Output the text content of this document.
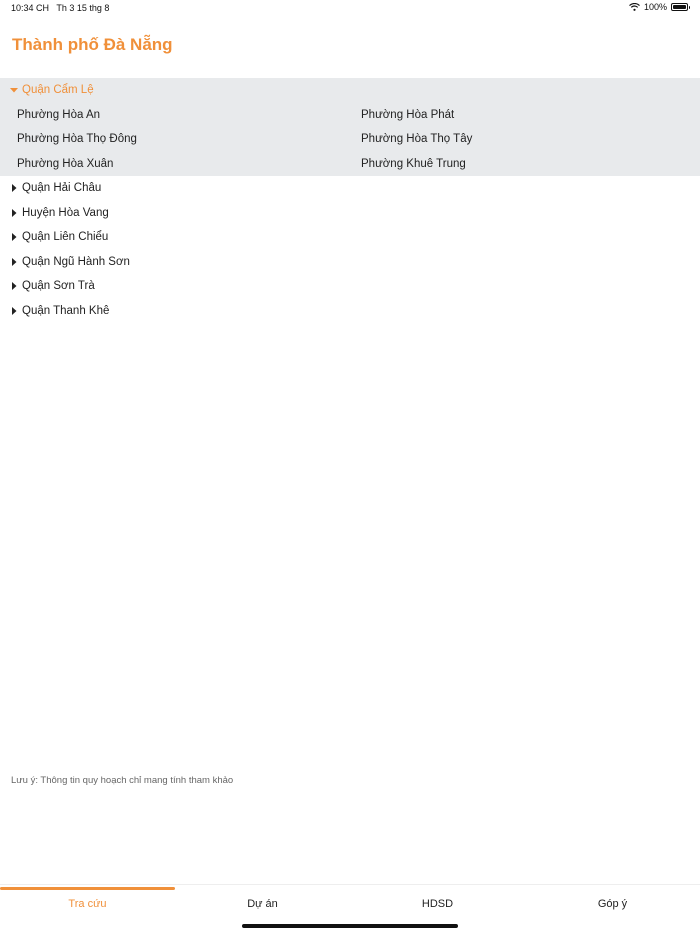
10:34 CH Th 3 15 thg 8	100%
Thành phố Đà Nẵng
Quận Cẩm Lệ
Phường Hòa An	Phường Hòa Phát
Phường Hòa Thọ Đông	Phường Hòa Thọ Tây
Phường Hòa Xuân	Phường Khuê Trung
Quận Hải Châu
Huyện Hòa Vang
Quận Liên Chiểu
Quận Ngũ Hành Sơn
Quận Sơn Trà
Quận Thanh Khê
Lưu ý: Thông tin quy hoạch chỉ mang tính tham khảo
Tra cứu	Dự án	HDSD	Góp ý
